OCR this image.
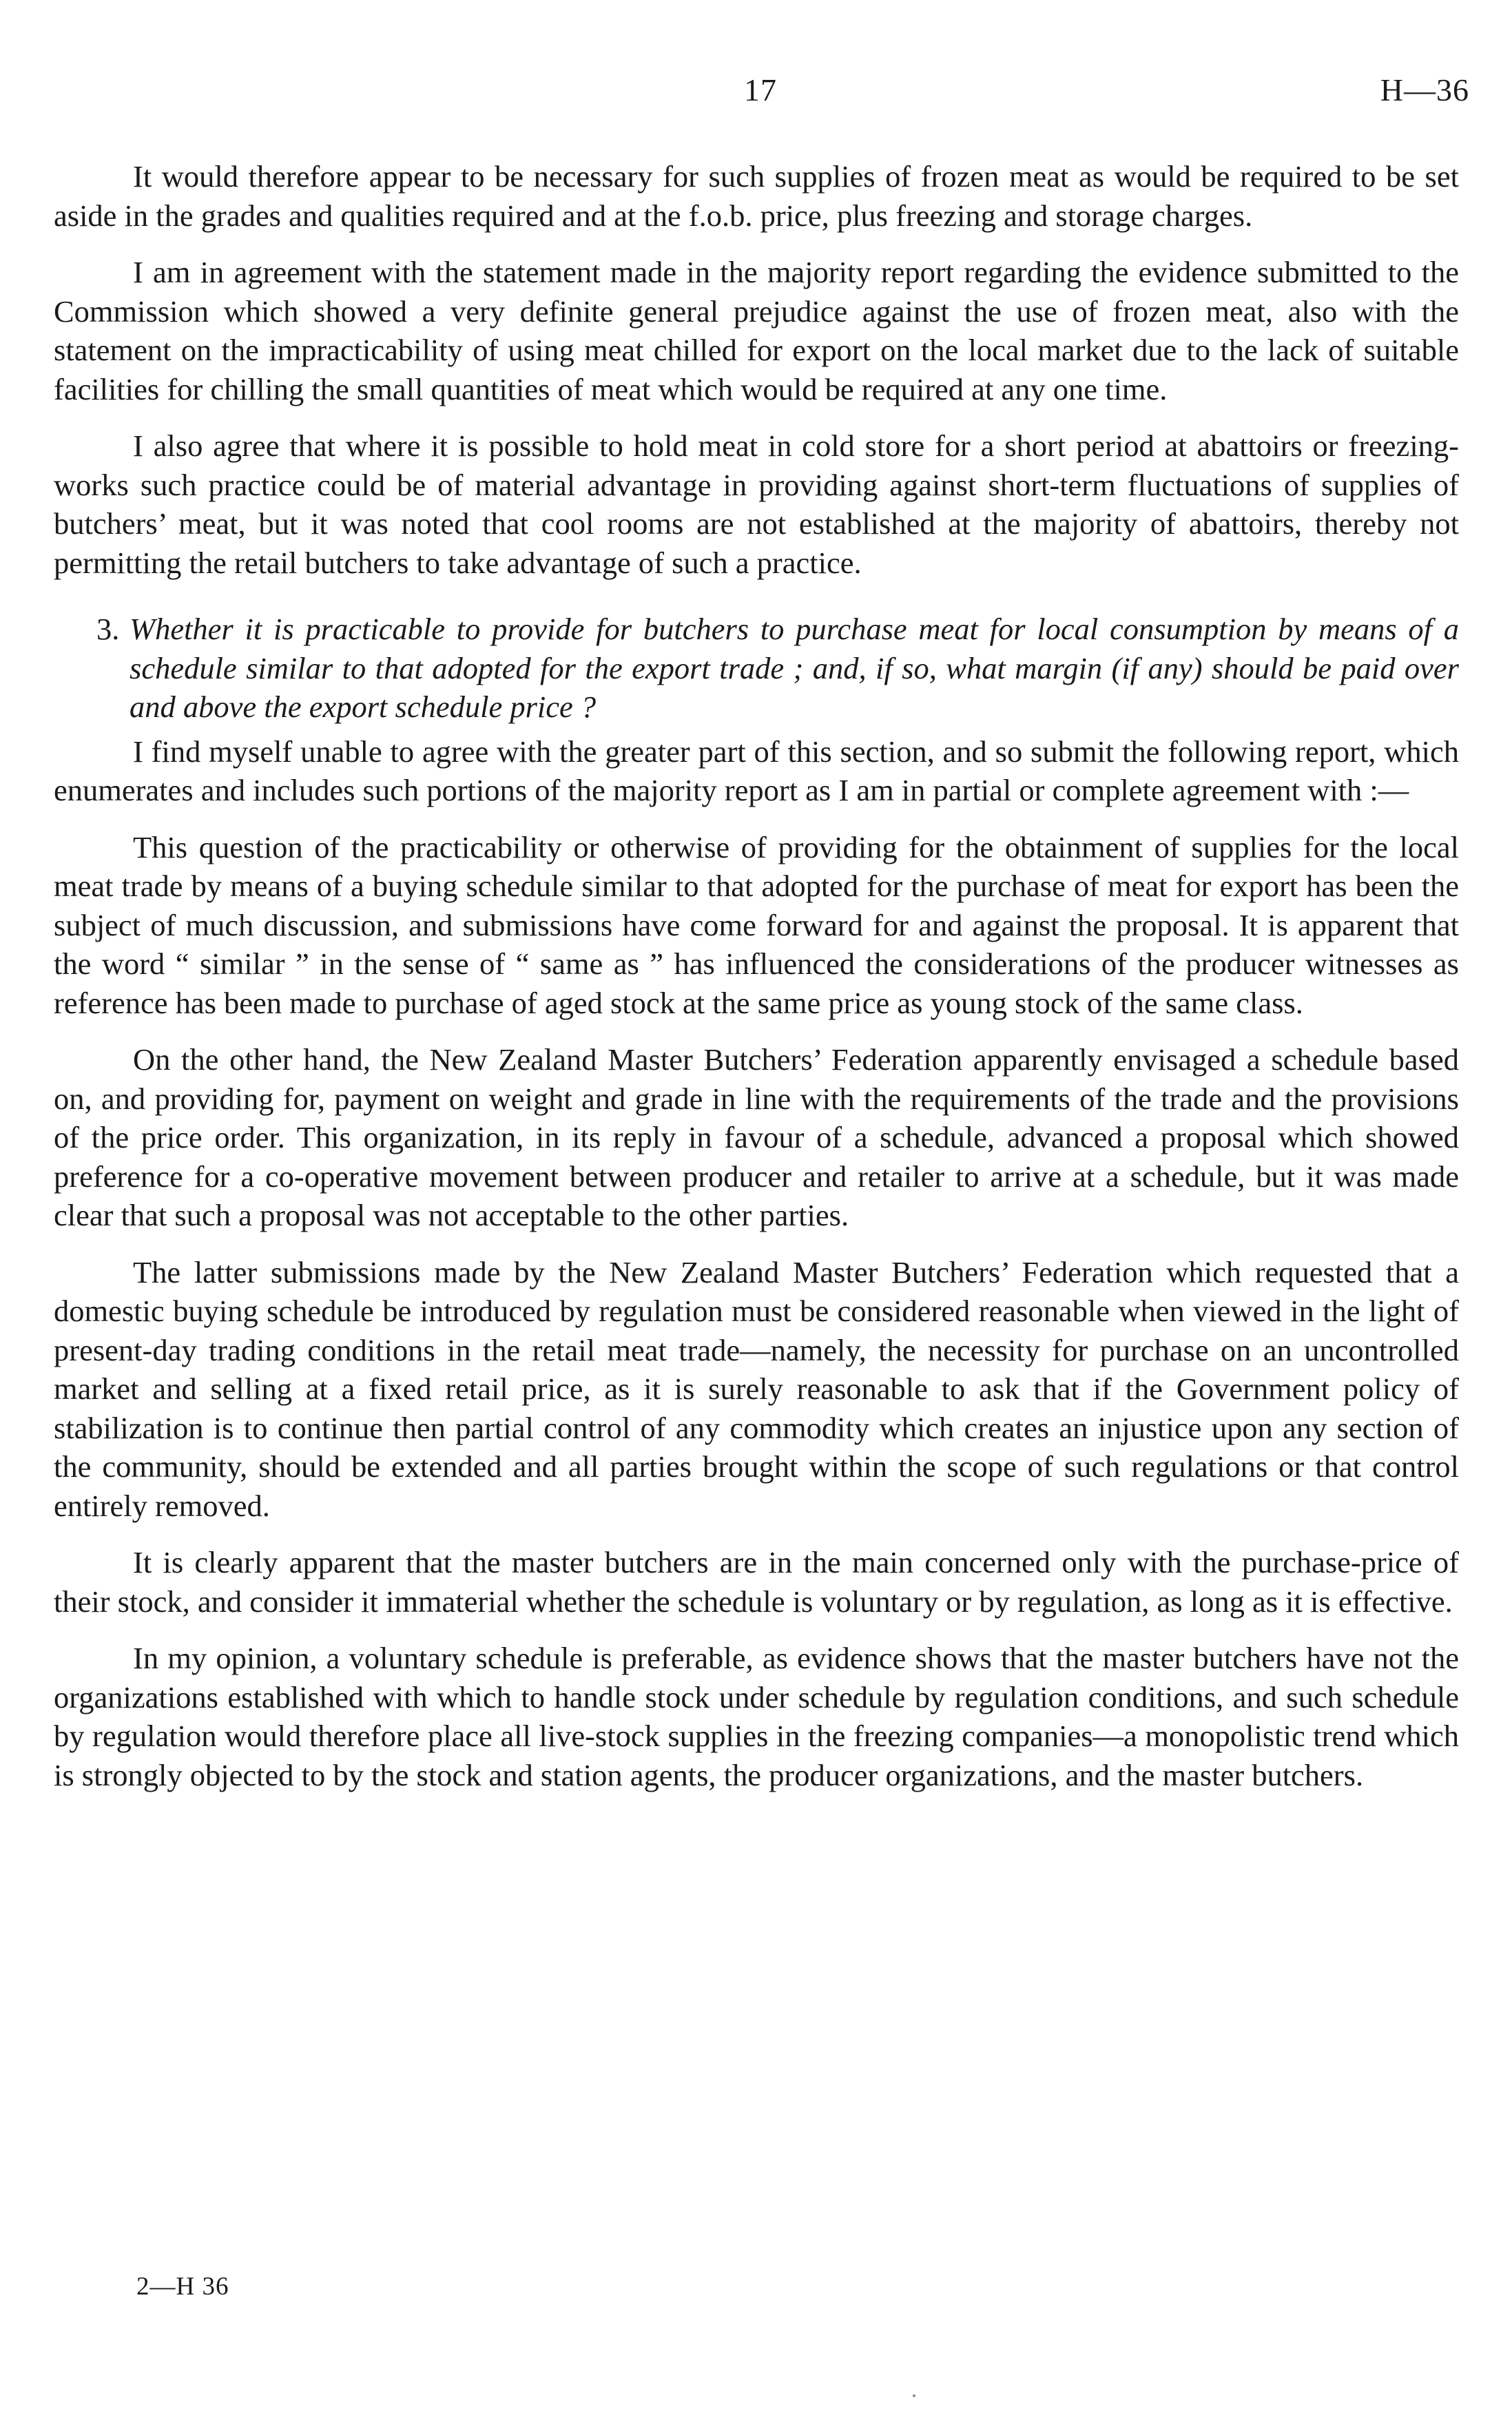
17	H—36

It would therefore appear to be necessary for such supplies of frozen meat as would be required to be set aside in the grades and qualities required and at the f.o.b. price, plus freezing and storage charges.

I am in agreement with the statement made in the majority report regarding the evidence submitted to the Commission which showed a very definite general prejudice against the use of frozen meat, also with the statement on the impracticability of using meat chilled for export on the local market due to the lack of suitable facilities for chilling the small quantities of meat which would be required at any one time.

I also agree that where it is possible to hold meat in cold store for a short period at abattoirs or freezing-works such practice could be of material advantage in providing against short-term fluctuations of supplies of butchers’ meat, but it was noted that cool rooms are not established at the majority of abattoirs, thereby not permitting the retail butchers to take advantage of such a practice.

3. Whether it is practicable to provide for butchers to purchase meat for local consumption by means of a schedule similar to that adopted for the export trade ; and, if so, what margin (if any) should be paid over and above the export schedule price ?

I find myself unable to agree with the greater part of this section, and so submit the following report, which enumerates and includes such portions of the majority report as I am in partial or complete agreement with :—

This question of the practicability or otherwise of providing for the obtainment of supplies for the local meat trade by means of a buying schedule similar to that adopted for the purchase of meat for export has been the subject of much discussion, and submissions have come forward for and against the proposal. It is apparent that the word “ similar ” in the sense of “ same as ” has influenced the considerations of the producer witnesses as reference has been made to purchase of aged stock at the same price as young stock of the same class.

On the other hand, the New Zealand Master Butchers’ Federation apparently envisaged a schedule based on, and providing for, payment on weight and grade in line with the requirements of the trade and the provisions of the price order. This organization, in its reply in favour of a schedule, advanced a proposal which showed preference for a co-operative movement between producer and retailer to arrive at a schedule, but it was made clear that such a proposal was not acceptable to the other parties.

The latter submissions made by the New Zealand Master Butchers’ Federation which requested that a domestic buying schedule be introduced by regulation must be considered reasonable when viewed in the light of present-day trading conditions in the retail meat trade—namely, the necessity for purchase on an uncontrolled market and selling at a fixed retail price, as it is surely reasonable to ask that if the Government policy of stabilization is to continue then partial control of any commodity which creates an injustice upon any section of the community, should be extended and all parties brought within the scope of such regulations or that control entirely removed.

It is clearly apparent that the master butchers are in the main concerned only with the purchase-price of their stock, and consider it immaterial whether the schedule is voluntary or by regulation, as long as it is effective.

In my opinion, a voluntary schedule is preferable, as evidence shows that the master butchers have not the organizations established with which to handle stock under schedule by regulation conditions, and such schedule by regulation would therefore place all live-stock supplies in the freezing companies—a monopolistic trend which is strongly objected to by the stock and station agents, the producer organizations, and the master butchers.

2—H 36
